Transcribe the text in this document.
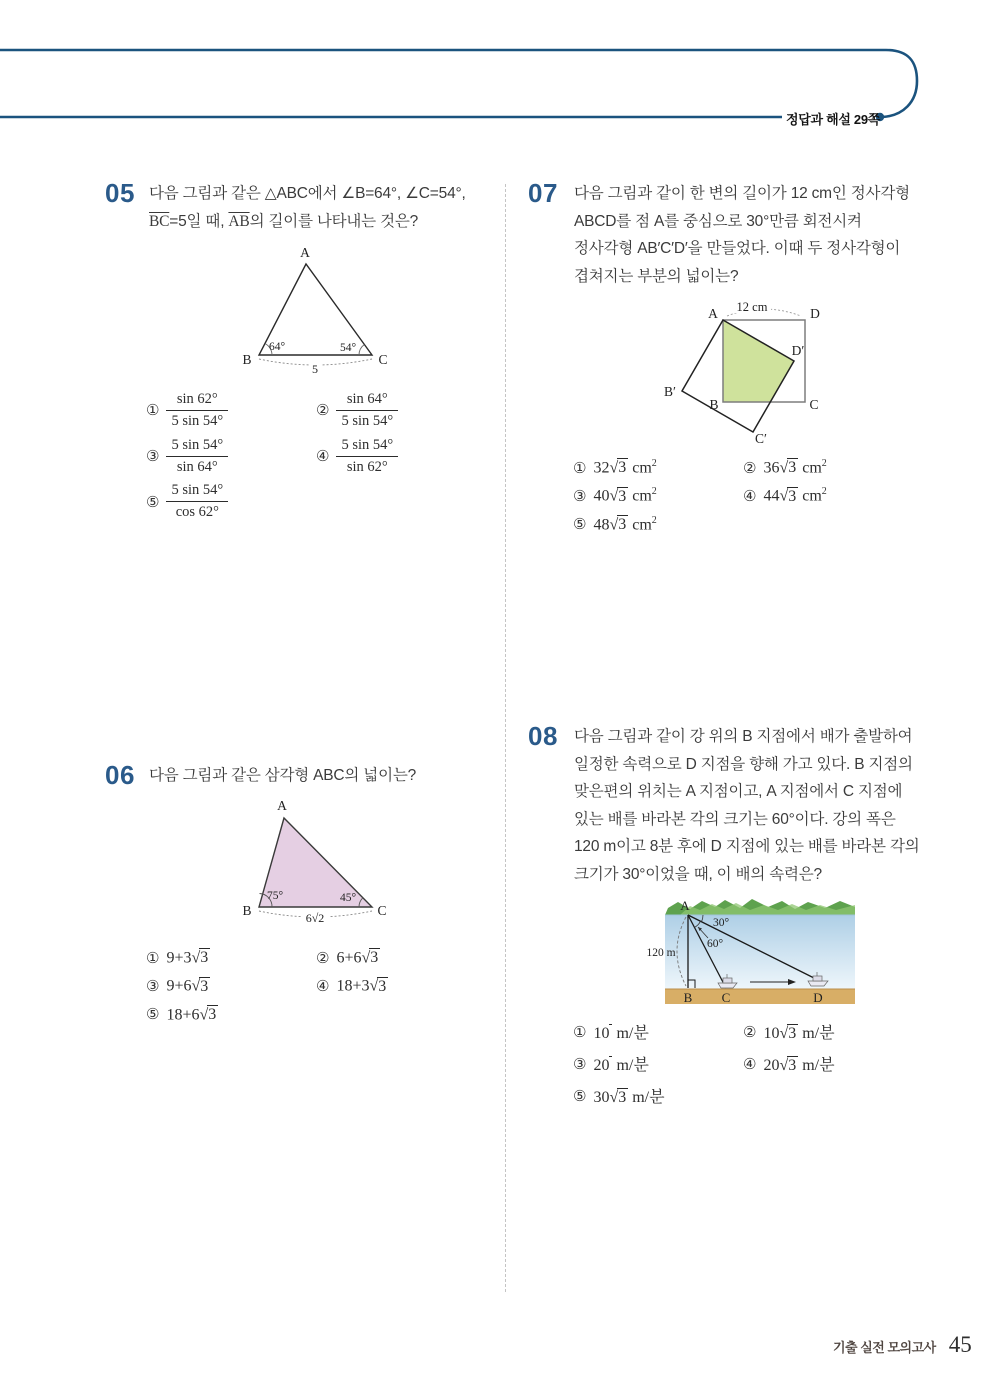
정답과 해설 29쪽
05 다음 그림과 같은 △ABC에서 ∠B=64°, ∠C=54°,
$\overline{BC}=5$일 때, $\overline{AB}$의 길이를 나타내는 것은?
A
B	C
64°	54°
5
① $\frac{\sin 62^\circ}{5 \sin 54^\circ}$	② $\frac{\sin 64^\circ}{5 \sin 54^\circ}$
③ $\frac{5 \sin 54^\circ}{\sin 64^\circ}$	④ $\frac{5 \sin 54^\circ}{\sin 62^\circ}$
⑤ $\frac{5 \sin 54^\circ}{\cos 62^\circ}$
06 다음 그림과 같은 삼각형 ABC의 넓이는?
A
B	C
75°	45°
6√2
① 9+3√3	② 6+6√3
③ 9+6√3	④ 18+3√3
⑤ 18+6√3
07 다음 그림과 같이 한 변의 길이가 12 cm인 정사각형
ABCD를 점 A를 중심으로 30°만큼 회전시켜
정사각형 AB′C′D′을 만들었다. 이때 두 정사각형이
겹쳐지는 부분의 넓이는?
12 cm
A	D
B	C
B′
C′
D′
① 32√3 $cm^2$	② 36√3 $cm^2$
③ 40√3 $cm^2$	④ 44√3 $cm^2$
⑤ 48√3 $cm^2$
08 다음 그림과 같이 강 위의 B 지점에서 배가 출발하여
일정한 속력으로 D 지점을 향해 가고 있다. B 지점의
맞은편의 위치는 A 지점이고, A 지점에서 C 지점에
있는 배를 바라본 각의 크기는 60°이다. 강의 폭은
120 m이고 8분 후에 D 지점에 있는 배를 바라본 각의
크기가 30°이었을 때, 이 배의 속력은?
A
30°
60°
120 m
B C	D
① 10 m/분	② 10√3 m/분
③ 20 m/분	④ 20√3 m/분
⑤ 30√3 m/분
기출 실전 모의고사 45
